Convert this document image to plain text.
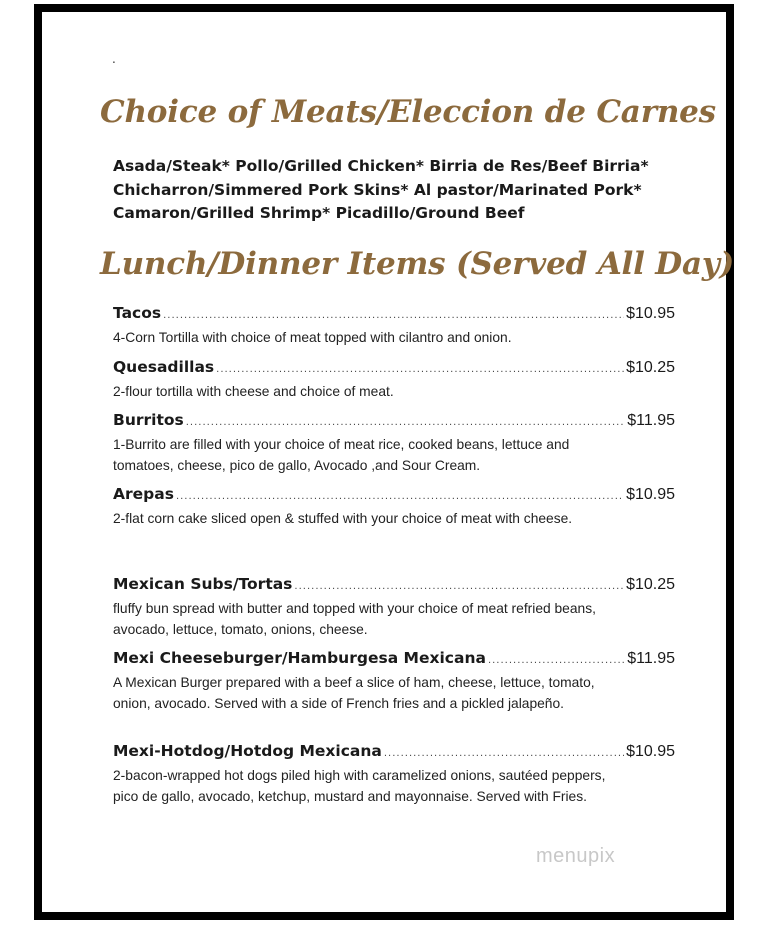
.
Choice of Meats/Eleccion de Carnes
Asada/Steak* Pollo/Grilled Chicken* Birria de Res/Beef Birria*
Chicharron/Simmered Pork Skins* Al pastor/Marinated Pork*
Camaron/Grilled Shrimp* Picadillo/Ground Beef
Lunch/Dinner Items (Served All Day)
Tacos .....	$10.95
4-Corn Tortilla with choice of meat topped with cilantro and onion.
Quesadillas .....	$10.25
2-flour tortilla with cheese and choice of meat.
Burritos .....	$11.95
1-Burrito are filled with your choice of meat rice, cooked beans, lettuce and tomatoes, cheese, pico de gallo, Avocado ,and Sour Cream.
Arepas .....	$10.95
2-flat corn cake sliced open & stuffed with your choice of meat with cheese.
Mexican Subs/Tortas .....	$10.25
fluffy bun spread with butter and topped with your choice of meat refried beans, avocado, lettuce, tomato, onions, cheese.
Mexi Cheeseburger/Hamburgesa Mexicana .....	$11.95
A Mexican Burger prepared with a beef a slice of ham, cheese, lettuce, tomato, onion, avocado. Served with a side of French fries and a pickled jalapeño.
Mexi-Hotdog/Hotdog Mexicana .....	$10.95
2-bacon-wrapped hot dogs piled high with caramelized onions, sautéed peppers, pico de gallo, avocado, ketchup, mustard and mayonnaise. Served with Fries.
menupix
